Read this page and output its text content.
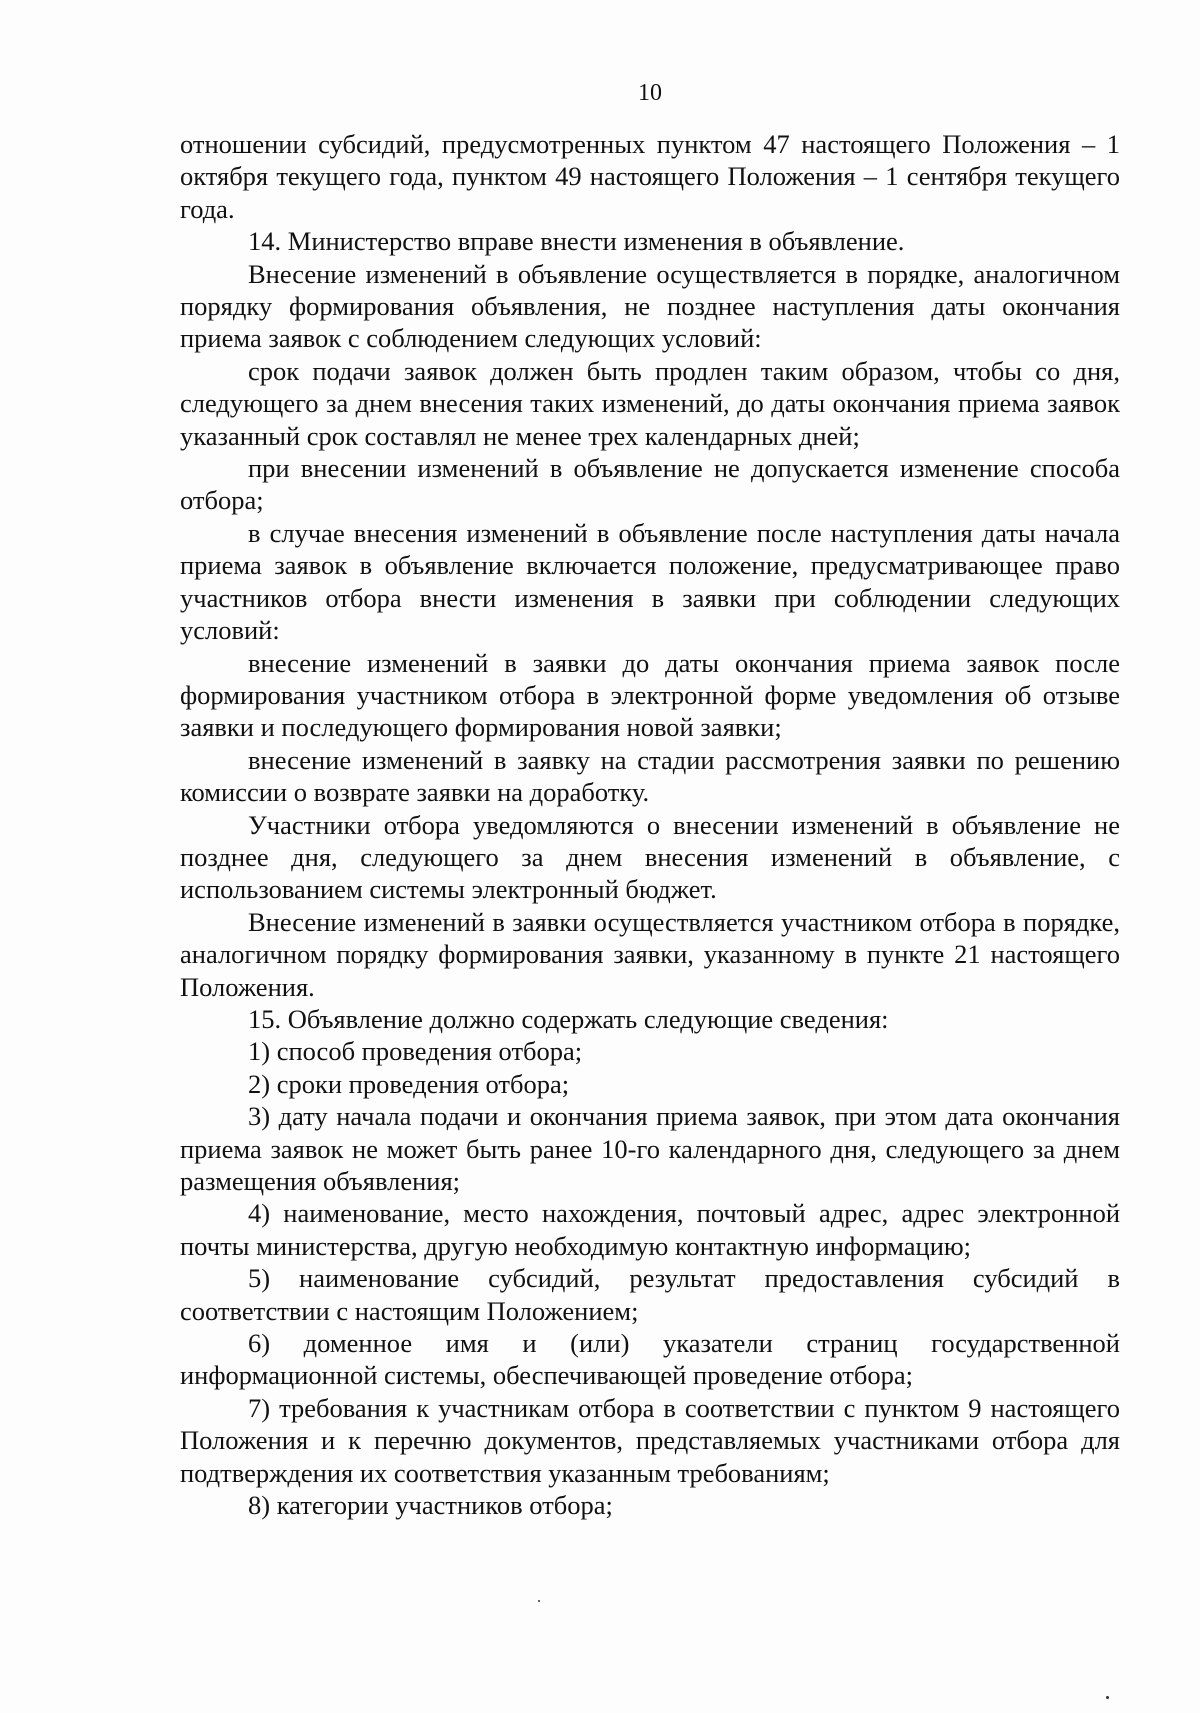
10

отношении субсидий, предусмотренных пунктом 47 настоящего Положения – 1 октября текущего года, пунктом 49 настоящего Положения – 1 сентября текущего года.

14. Министерство вправе внести изменения в объявление.

Внесение изменений в объявление осуществляется в порядке, аналогичном порядку формирования объявления, не позднее наступления даты окончания приема заявок с соблюдением следующих условий:

срок подачи заявок должен быть продлен таким образом, чтобы со дня, следующего за днем внесения таких изменений, до даты окончания приема заявок указанный срок составлял не менее трех календарных дней;

при внесении изменений в объявление не допускается изменение способа отбора;

в случае внесения изменений в объявление после наступления даты начала приема заявок в объявление включается положение, предусматривающее право участников отбора внести изменения в заявки при соблюдении следующих условий:

внесение изменений в заявки до даты окончания приема заявок после формирования участником отбора в электронной форме уведомления об отзыве заявки и последующего формирования новой заявки;

внесение изменений в заявку на стадии рассмотрения заявки по решению комиссии о возврате заявки на доработку.

Участники отбора уведомляются о внесении изменений в объявление не позднее дня, следующего за днем внесения изменений в объявление, с использованием системы электронный бюджет.

Внесение изменений в заявки осуществляется участником отбора в порядке, аналогичном порядку формирования заявки, указанному в пункте 21 настоящего Положения.

15. Объявление должно содержать следующие сведения:

1) способ проведения отбора;

2) сроки проведения отбора;

3) дату начала подачи и окончания приема заявок, при этом дата окончания приема заявок не может быть ранее 10-го календарного дня, следующего за днем размещения объявления;

4) наименование, место нахождения, почтовый адрес, адрес электронной почты министерства, другую необходимую контактную информацию;

5) наименование субсидий, результат предоставления субсидий в соответствии с настоящим Положением;

6) доменное имя и (или) указатели страниц государственной информационной системы, обеспечивающей проведение отбора;

7) требования к участникам отбора в соответствии с пунктом 9 настоящего Положения и к перечню документов, представляемых участниками отбора для подтверждения их соответствия указанным требованиям;

8) категории участников отбора;
